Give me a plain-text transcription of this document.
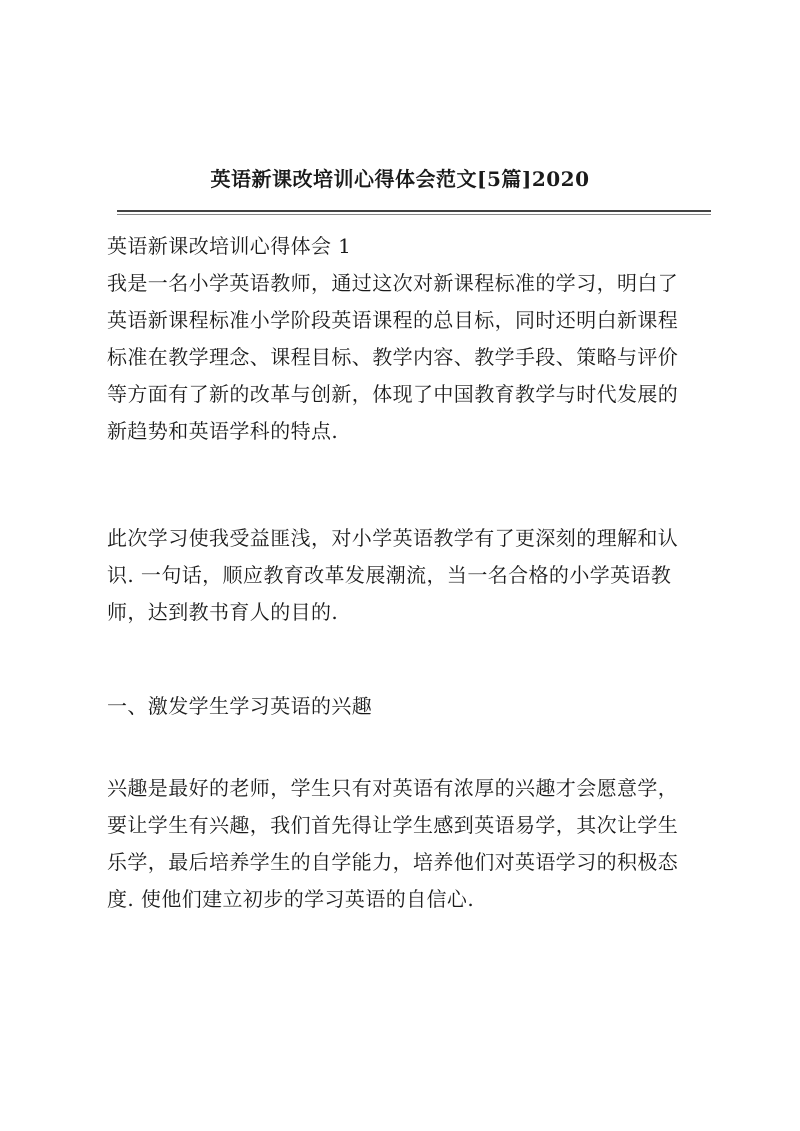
英语新课改培训心得体会范文[5篇]2020
英语新课改培训心得体会 1
我是一名小学英语教师，通过这次对新课程标准的学习，明白了
英语新课程标准小学阶段英语课程的总目标，同时还明白新课程
标准在教学理念、课程目标、教学内容、教学手段、策略与评价
等方面有了新的改革与创新，体现了中国教育教学与时代发展的
新趋势和英语学科的特点.
此次学习使我受益匪浅，对小学英语教学有了更深刻的理解和认
识. 一句话，顺应教育改革发展潮流，当一名合格的小学英语教
师，达到教书育人的目的.
一、激发学生学习英语的兴趣
兴趣是最好的老师，学生只有对英语有浓厚的兴趣才会愿意学，
要让学生有兴趣，我们首先得让学生感到英语易学，其次让学生
乐学，最后培养学生的自学能力，培养他们对英语学习的积极态
度. 使他们建立初步的学习英语的自信心.
